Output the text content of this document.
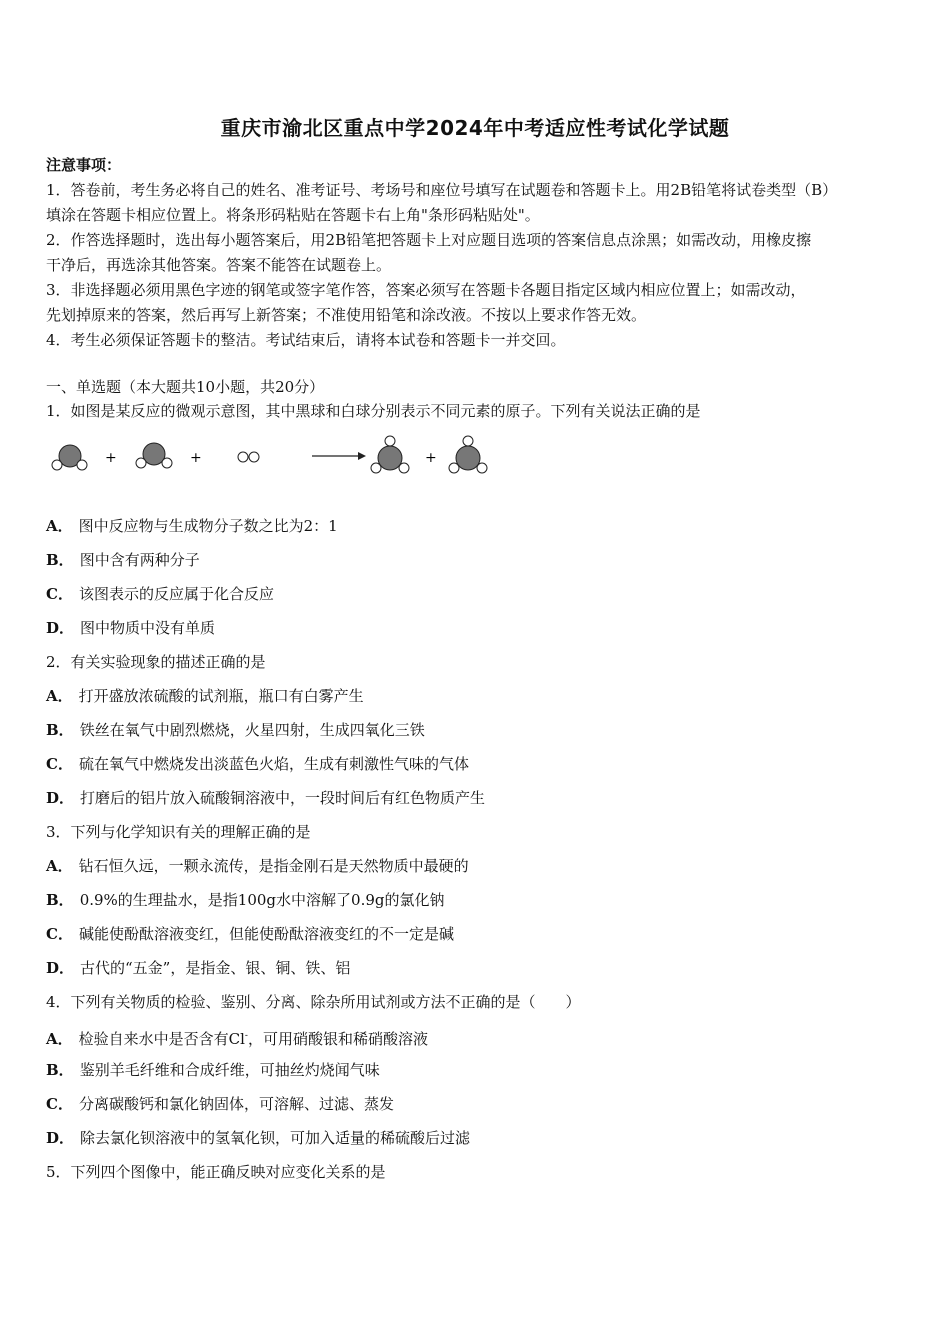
重庆市渝北区重点中学2024年中考适应性考试化学试题

注意事项：

1．答卷前，考生务必将自己的姓名、准考证号、考场号和座位号填写在试题卷和答题卡上。用2B铅笔将试卷类型（B）

填涂在答题卡相应位置上。将条形码粘贴在答题卡右上角"条形码粘贴处"。

2．作答选择题时，选出每小题答案后，用2B铅笔把答题卡上对应题目选项的答案信息点涂黑；如需改动，用橡皮擦

干净后，再选涂其他答案。答案不能答在试题卷上。

3．非选择题必须用黑色字迹的钢笔或签字笔作答，答案必须写在答题卡各题目指定区域内相应位置上；如需改动，

先划掉原来的答案，然后再写上新答案；不准使用铅笔和涂改液。不按以上要求作答无效。

4．考生必须保证答题卡的整洁。考试结束后，请将本试卷和答题卡一并交回。

一、单选题（本大题共10小题，共20分）
1．如图是某反应的微观示意图，其中黑球和白球分别表示不同元素的原子。下列有关说法正确的是
+	+	+
A． 图中反应物与生成物分子数之比为2：1
B． 图中含有两种分子
C． 该图表示的反应属于化合反应
D． 图中物质中没有单质
2．有关实验现象的描述正确的是
A． 打开盛放浓硫酸的试剂瓶，瓶口有白雾产生
B． 铁丝在氧气中剧烈燃烧，火星四射，生成四氧化三铁
C． 硫在氧气中燃烧发出淡蓝色火焰，生成有刺激性气味的气体
D． 打磨后的铝片放入硫酸铜溶液中，一段时间后有红色物质产生
3．下列与化学知识有关的理解正确的是
A． 钻石恒久远，一颗永流传，是指金刚石是天然物质中最硬的
B． 0.9%的生理盐水，是指100g水中溶解了0.9g的氯化钠
C． 碱能使酚酞溶液变红，但能使酚酞溶液变红的不一定是碱
D． 古代的“五金”，是指金、银、铜、铁、铝
4．下列有关物质的检验、鉴别、分离、除杂所用试剂或方法不正确的是（　　）
A． 检验自来水中是否含有Cl-，可用硝酸银和稀硝酸溶液
B． 鉴别羊毛纤维和合成纤维，可抽丝灼烧闻气味
C． 分离碳酸钙和氯化钠固体，可溶解、过滤、蒸发
D． 除去氯化钡溶液中的氢氧化钡，可加入适量的稀硫酸后过滤
5．下列四个图像中，能正确反映对应变化关系的是
